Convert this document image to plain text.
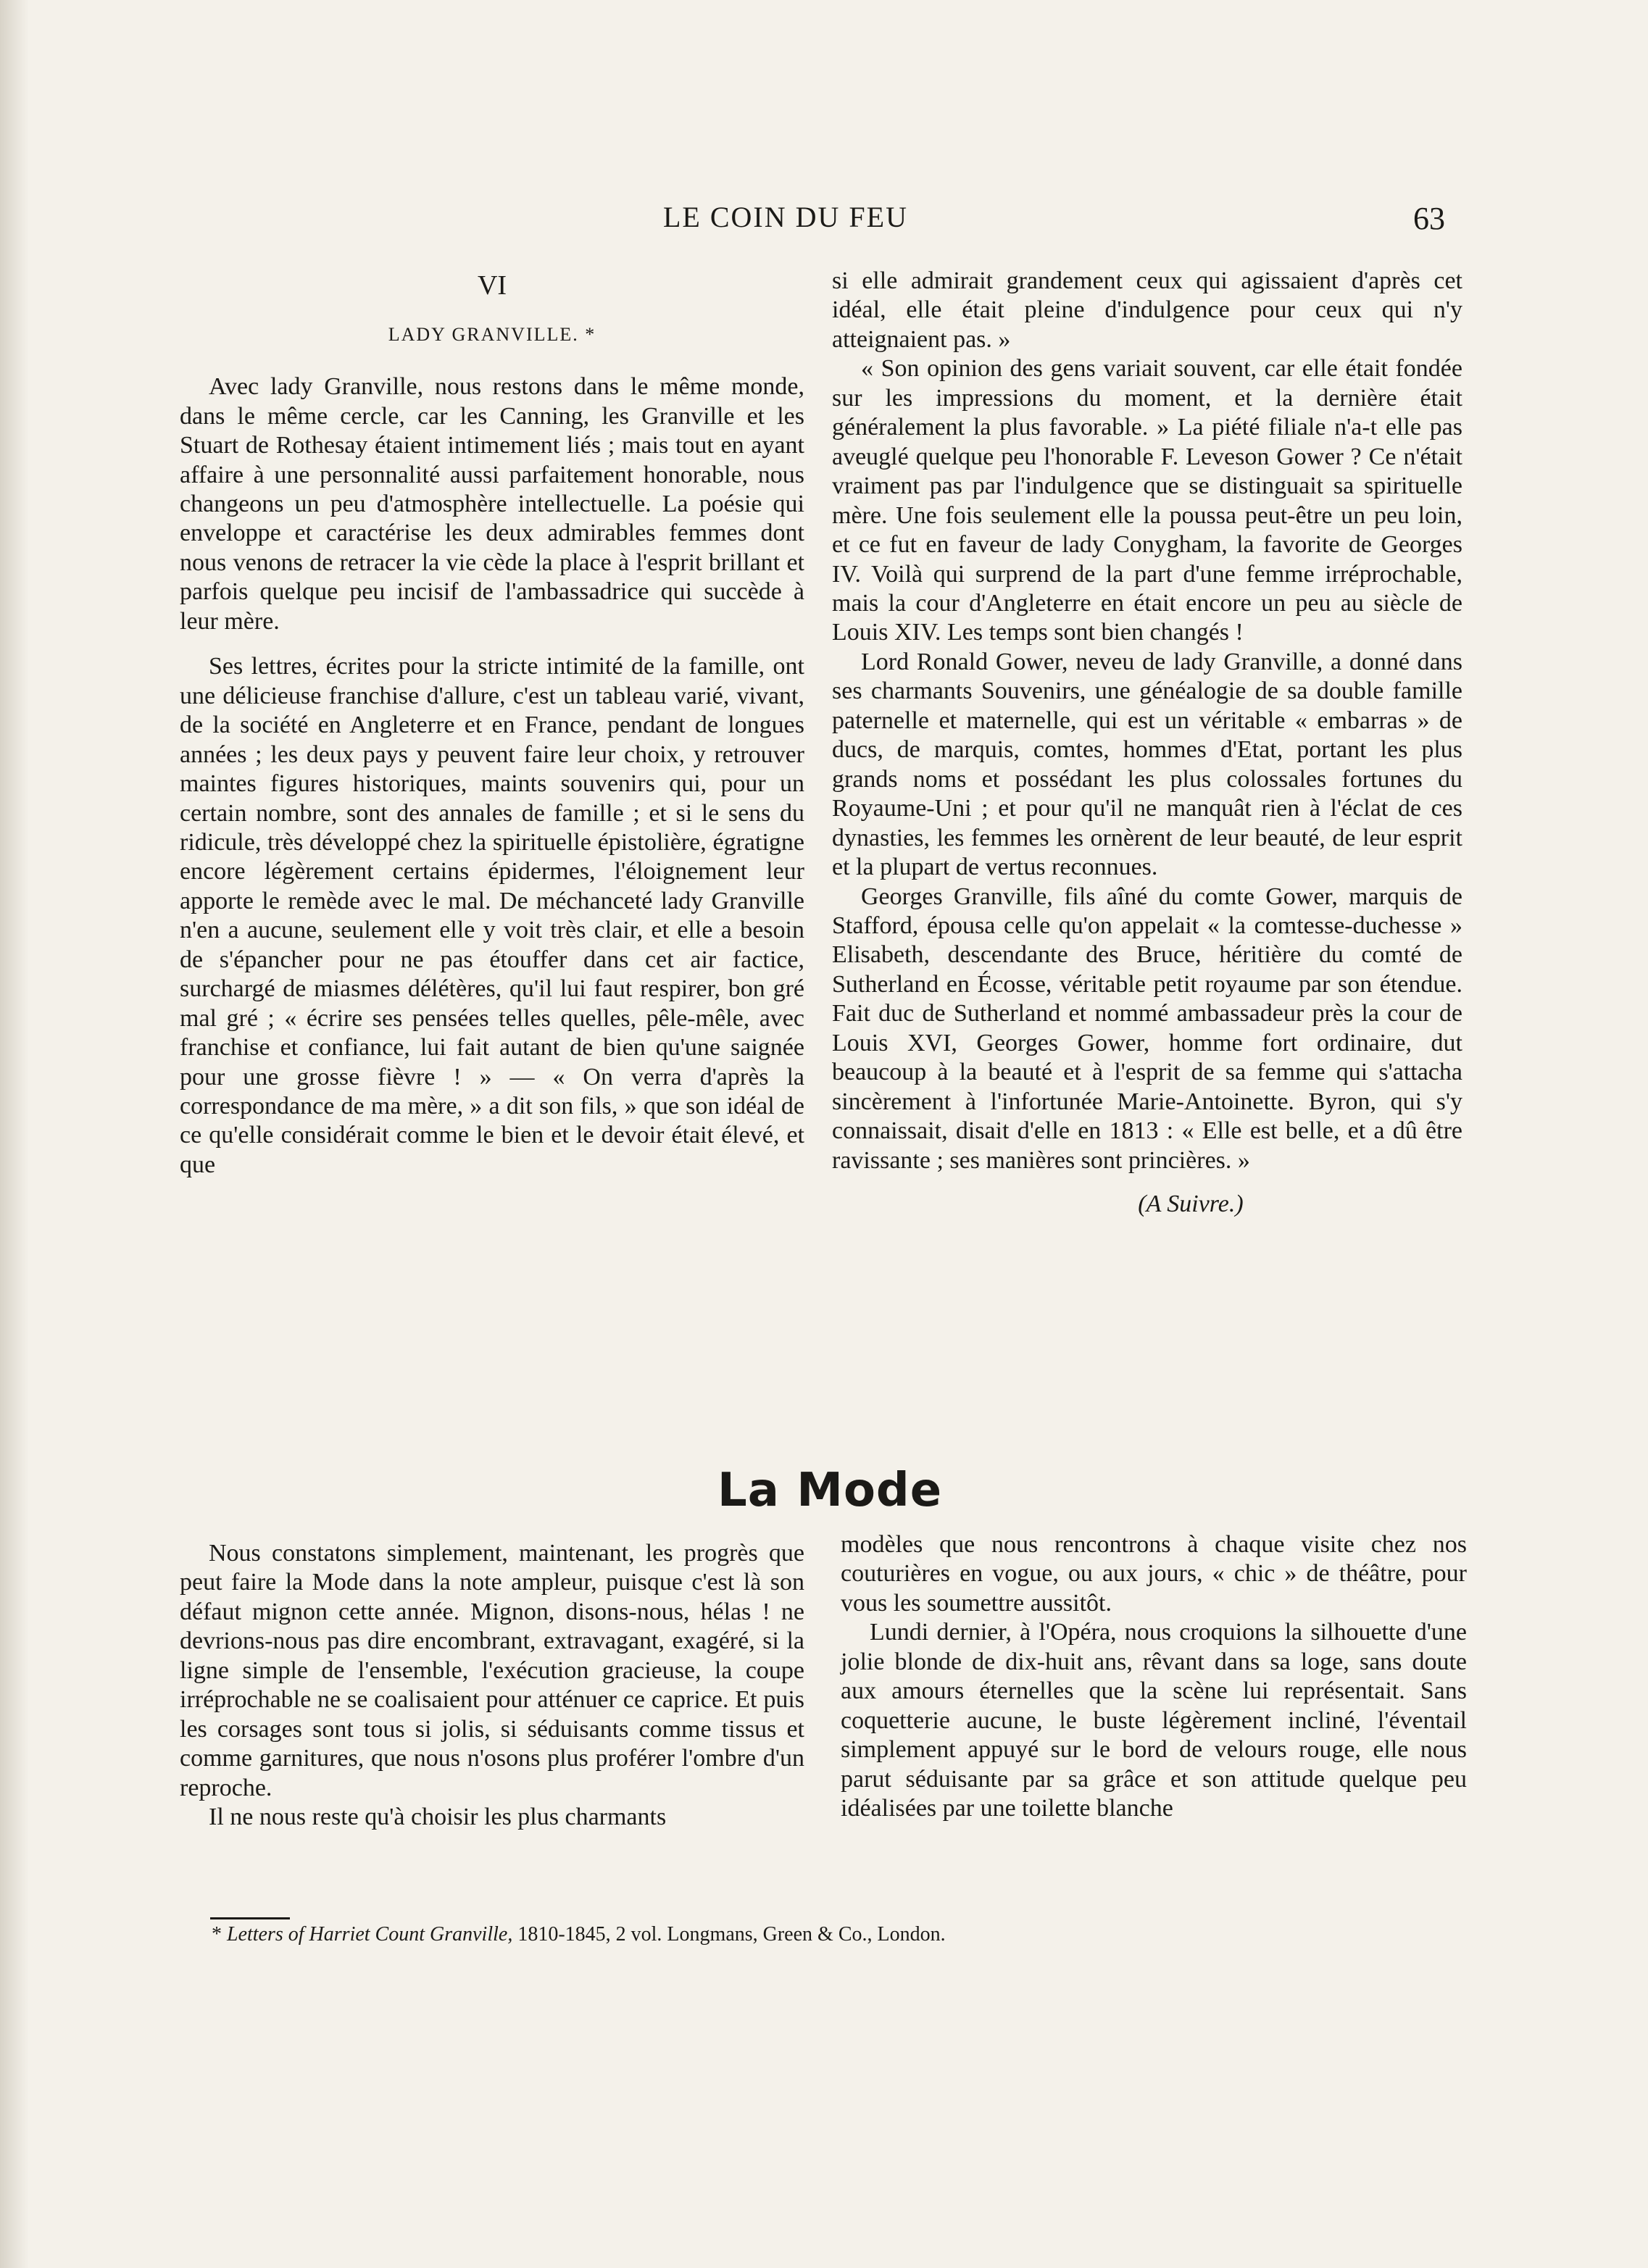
LE COIN DU FEU	63

VI

LADY GRANVILLE. *

Avec lady Granville, nous restons dans le même monde, dans le même cercle, car les Canning, les Granville et les Stuart de Rothesay étaient intimement liés ; mais tout en ayant affaire à une personnalité aussi parfaitement honorable, nous changeons un peu d'atmosphère intellectuelle. La poésie qui enveloppe et caractérise les deux admirables femmes dont nous venons de retracer la vie cède la place à l'esprit brillant et parfois quelque peu incisif de l'ambassadrice qui succède à leur mère.

Ses lettres, écrites pour la stricte intimité de la famille, ont une délicieuse franchise d'allure, c'est un tableau varié, vivant, de la société en Angleterre et en France, pendant de longues années ; les deux pays y peuvent faire leur choix, y retrouver maintes figures historiques, maints souvenirs qui, pour un certain nombre, sont des annales de famille ; et si le sens du ridicule, très développé chez la spirituelle épistolière, égratigne encore légèrement certains épidermes, l'éloignement leur apporte le remède avec le mal. De méchanceté lady Granville n'en a aucune, seulement elle y voit très clair, et elle a besoin de s'épancher pour ne pas étouffer dans cet air factice, surchargé de miasmes délétères, qu'il lui faut respirer, bon gré mal gré ; « écrire ses pensées telles quelles, pêle-mêle, avec franchise et confiance, lui fait autant de bien qu'une saignée pour une grosse fièvre ! » — « On verra d'après la correspondance de ma mère, » a dit son fils, » que son idéal de ce qu'elle considérait comme le bien et le devoir était élevé, et que

si elle admirait grandement ceux qui agissaient d'après cet idéal, elle était pleine d'indulgence pour ceux qui n'y atteignaient pas. »

« Son opinion des gens variait souvent, car elle était fondée sur les impressions du moment, et la dernière était généralement la plus favorable. » La piété filiale n'a-t elle pas aveuglé quelque peu l'honorable F. Leveson Gower ? Ce n'était vraiment pas par l'indulgence que se distinguait sa spirituelle mère. Une fois seulement elle la poussa peut-être un peu loin, et ce fut en faveur de lady Conygham, la favorite de Georges IV. Voilà qui surprend de la part d'une femme irréprochable, mais la cour d'Angleterre en était encore un peu au siècle de Louis XIV. Les temps sont bien changés !

Lord Ronald Gower, neveu de lady Granville, a donné dans ses charmants Souvenirs, une généalogie de sa double famille paternelle et maternelle, qui est un véritable « embarras » de ducs, de marquis, comtes, hommes d'Etat, portant les plus grands noms et possédant les plus colossales fortunes du Royaume-Uni ; et pour qu'il ne manquât rien à l'éclat de ces dynasties, les femmes les ornèrent de leur beauté, de leur esprit et la plupart de vertus reconnues.

Georges Granville, fils aîné du comte Gower, marquis de Stafford, épousa celle qu'on appelait « la comtesse-duchesse » Elisabeth, descendante des Bruce, héritière du comté de Sutherland en Écosse, véritable petit royaume par son étendue. Fait duc de Sutherland et nommé ambassadeur près la cour de Louis XVI, Georges Gower, homme fort ordinaire, dut beaucoup à la beauté et à l'esprit de sa femme qui s'attacha sincèrement à l'infortunée Marie-Antoinette. Byron, qui s'y connaissait, disait d'elle en 1813 : « Elle est belle, et a dû être ravissante ; ses manières sont princières. »

(A Suivre.)

La Mode

Nous constatons simplement, maintenant, les progrès que peut faire la Mode dans la note ampleur, puisque c'est là son défaut mignon cette année. Mignon, disons-nous, hélas ! ne devrions-nous pas dire encombrant, extravagant, exagéré, si la ligne simple de l'ensemble, l'exécution gracieuse, la coupe irréprochable ne se coalisaient pour atténuer ce caprice. Et puis les corsages sont tous si jolis, si séduisants comme tissus et comme garnitures, que nous n'osons plus proférer l'ombre d'un reproche.

Il ne nous reste qu'à choisir les plus charmants

modèles que nous rencontrons à chaque visite chez nos couturières en vogue, ou aux jours, « chic » de théâtre, pour vous les soumettre aussitôt.

Lundi dernier, à l'Opéra, nous croquions la silhouette d'une jolie blonde de dix-huit ans, rêvant dans sa loge, sans doute aux amours éternelles que la scène lui représentait. Sans coquetterie aucune, le buste légèrement incliné, l'éventail simplement appuyé sur le bord de velours rouge, elle nous parut séduisante par sa grâce et son attitude quelque peu idéalisées par une toilette blanche

* Letters of Harriet Count Granville, 1810-1845, 2 vol. Longmans, Green & Co., London.
